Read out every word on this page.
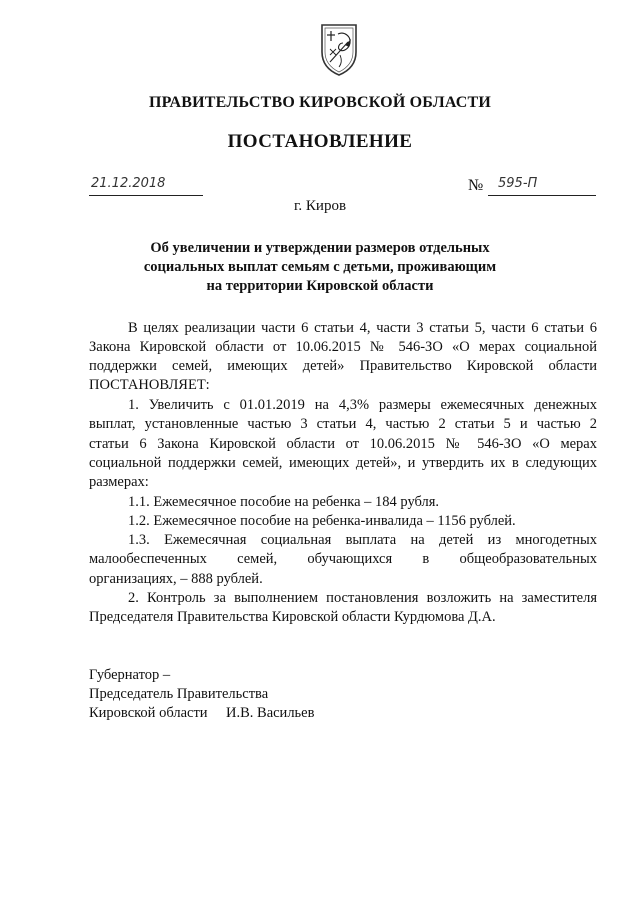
ПРАВИТЕЛЬСТВО КИРОВСКОЙ ОБЛАСТИ
ПОСТАНОВЛЕНИЕ
21.12.2018	№	595-П
г. Киров
Об увеличении и утверждении размеров отдельных
социальных выплат семьям с детьми, проживающим
на территории Кировской области
В целях реализации части 6 статьи 4, части 3 статьи 5, части 6 статьи 6
Закона Кировской области от 10.06.2015 № 546-ЗО «О мерах социальной
поддержки семей, имеющих детей» Правительство Кировской области
ПОСТАНОВЛЯЕТ:
1. Увеличить с 01.01.2019 на 4,3% размеры ежемесячных денежных
выплат, установленные частью 3 статьи 4, частью 2 статьи 5 и частью 2
статьи 6 Закона Кировской области от 10.06.2015 № 546-ЗО «О мерах
социальной поддержки семей, имеющих детей», и утвердить их в следующих
размерах:
1.1. Ежемесячное пособие на ребенка – 184 рубля.
1.2. Ежемесячное пособие на ребенка-инвалида – 1156 рублей.
1.3. Ежемесячная социальная выплата на детей из многодетных
малообеспеченных семей, обучающихся в общеобразовательных
организациях, – 888 рублей.
2. Контроль за выполнением постановления возложить на заместителя
Председателя Правительства Кировской области Курдюмова Д.А.
Губернатор –
Председатель Правительства
Кировской области И.В. Васильев
